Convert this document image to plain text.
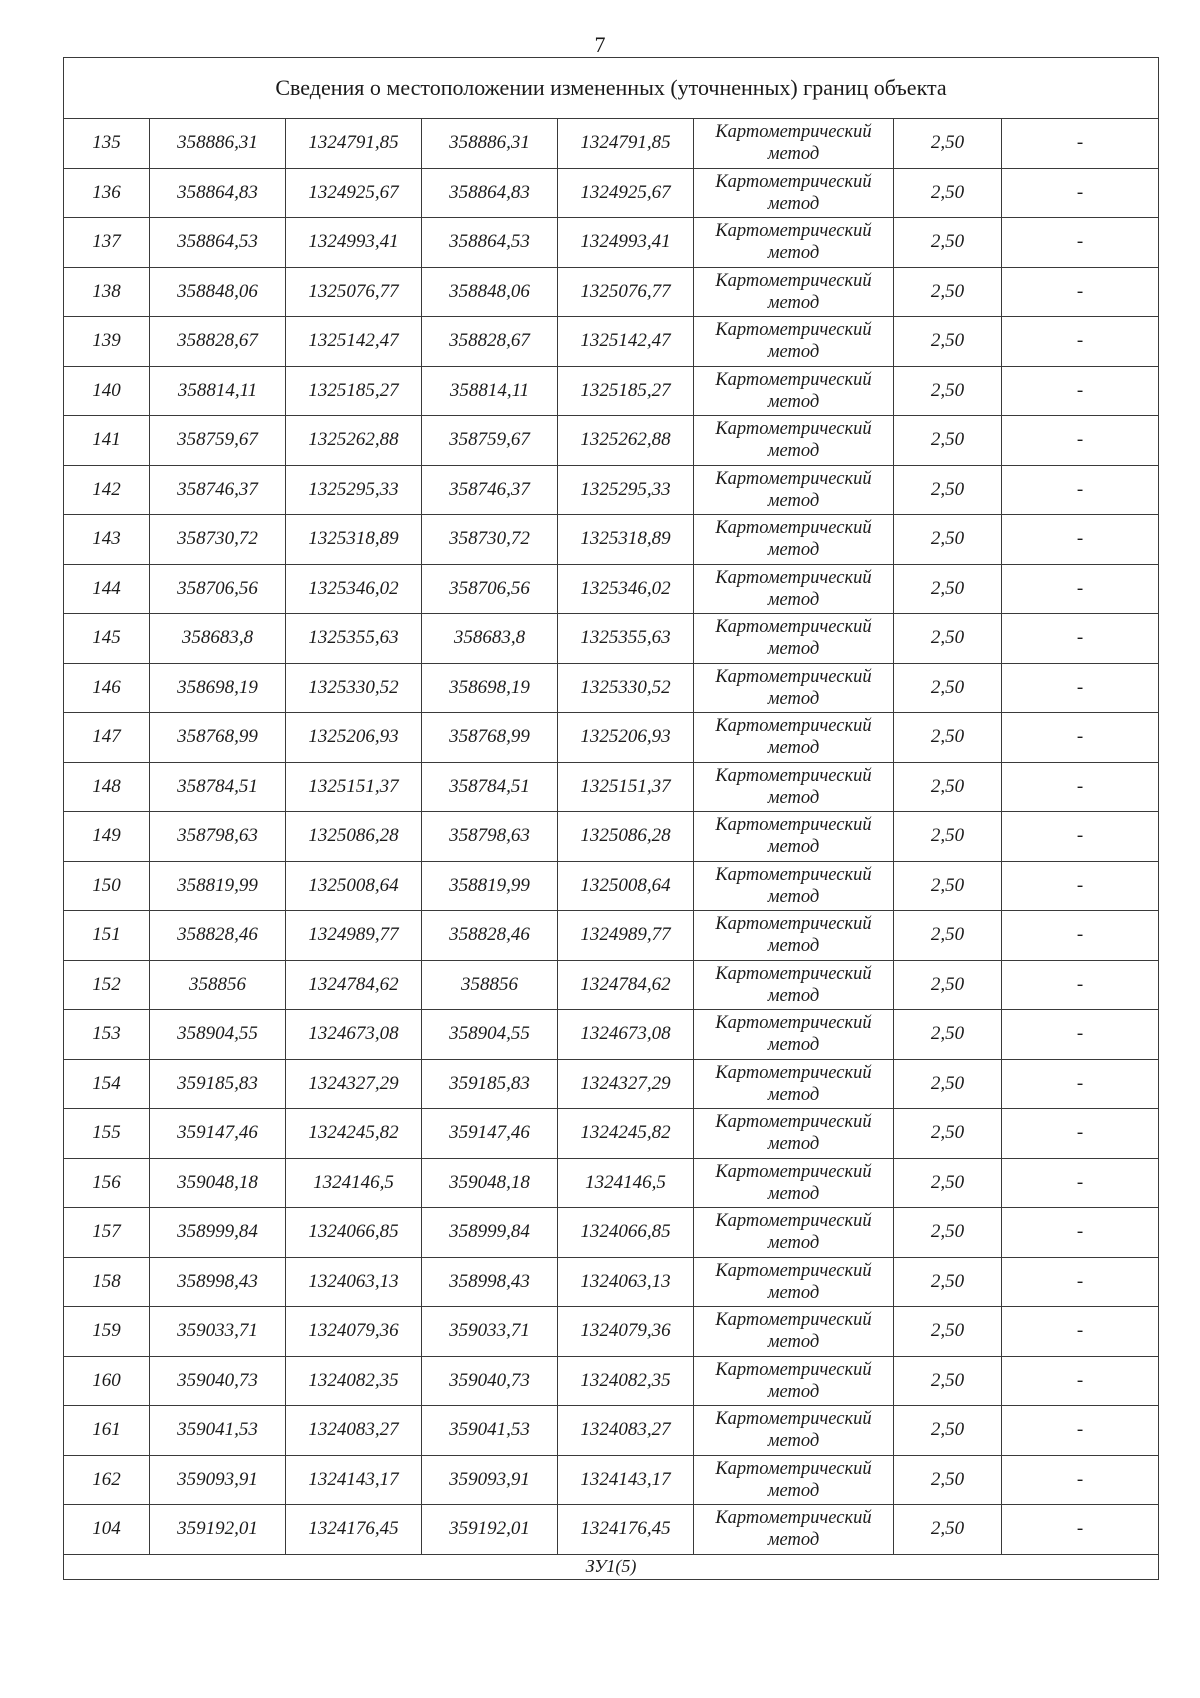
7
Сведения о местоположении измененных (уточненных) границ объекта							
135	358886,31	1324791,85	358886,31	1324791,85	Картометрический метод	2,50	-
136	358864,83	1324925,67	358864,83	1324925,67	Картометрический метод	2,50	-
137	358864,53	1324993,41	358864,53	1324993,41	Картометрический метод	2,50	-
138	358848,06	1325076,77	358848,06	1325076,77	Картометрический метод	2,50	-
139	358828,67	1325142,47	358828,67	1325142,47	Картометрический метод	2,50	-
140	358814,11	1325185,27	358814,11	1325185,27	Картометрический метод	2,50	-
141	358759,67	1325262,88	358759,67	1325262,88	Картометрический метод	2,50	-
142	358746,37	1325295,33	358746,37	1325295,33	Картометрический метод	2,50	-
143	358730,72	1325318,89	358730,72	1325318,89	Картометрический метод	2,50	-
144	358706,56	1325346,02	358706,56	1325346,02	Картометрический метод	2,50	-
145	358683,8	1325355,63	358683,8	1325355,63	Картометрический метод	2,50	-
146	358698,19	1325330,52	358698,19	1325330,52	Картометрический метод	2,50	-
147	358768,99	1325206,93	358768,99	1325206,93	Картометрический метод	2,50	-
148	358784,51	1325151,37	358784,51	1325151,37	Картометрический метод	2,50	-
149	358798,63	1325086,28	358798,63	1325086,28	Картометрический метод	2,50	-
150	358819,99	1325008,64	358819,99	1325008,64	Картометрический метод	2,50	-
151	358828,46	1324989,77	358828,46	1324989,77	Картометрический метод	2,50	-
152	358856	1324784,62	358856	1324784,62	Картометрический метод	2,50	-
153	358904,55	1324673,08	358904,55	1324673,08	Картометрический метод	2,50	-
154	359185,83	1324327,29	359185,83	1324327,29	Картометрический метод	2,50	-
155	359147,46	1324245,82	359147,46	1324245,82	Картометрический метод	2,50	-
156	359048,18	1324146,5	359048,18	1324146,5	Картометрический метод	2,50	-
157	358999,84	1324066,85	358999,84	1324066,85	Картометрический метод	2,50	-
158	358998,43	1324063,13	358998,43	1324063,13	Картометрический метод	2,50	-
159	359033,71	1324079,36	359033,71	1324079,36	Картометрический метод	2,50	-
160	359040,73	1324082,35	359040,73	1324082,35	Картометрический метод	2,50	-
161	359041,53	1324083,27	359041,53	1324083,27	Картометрический метод	2,50	-
162	359093,91	1324143,17	359093,91	1324143,17	Картометрический метод	2,50	-
104	359192,01	1324176,45	359192,01	1324176,45	Картометрический метод	2,50	-
ЗУ1(5)							
